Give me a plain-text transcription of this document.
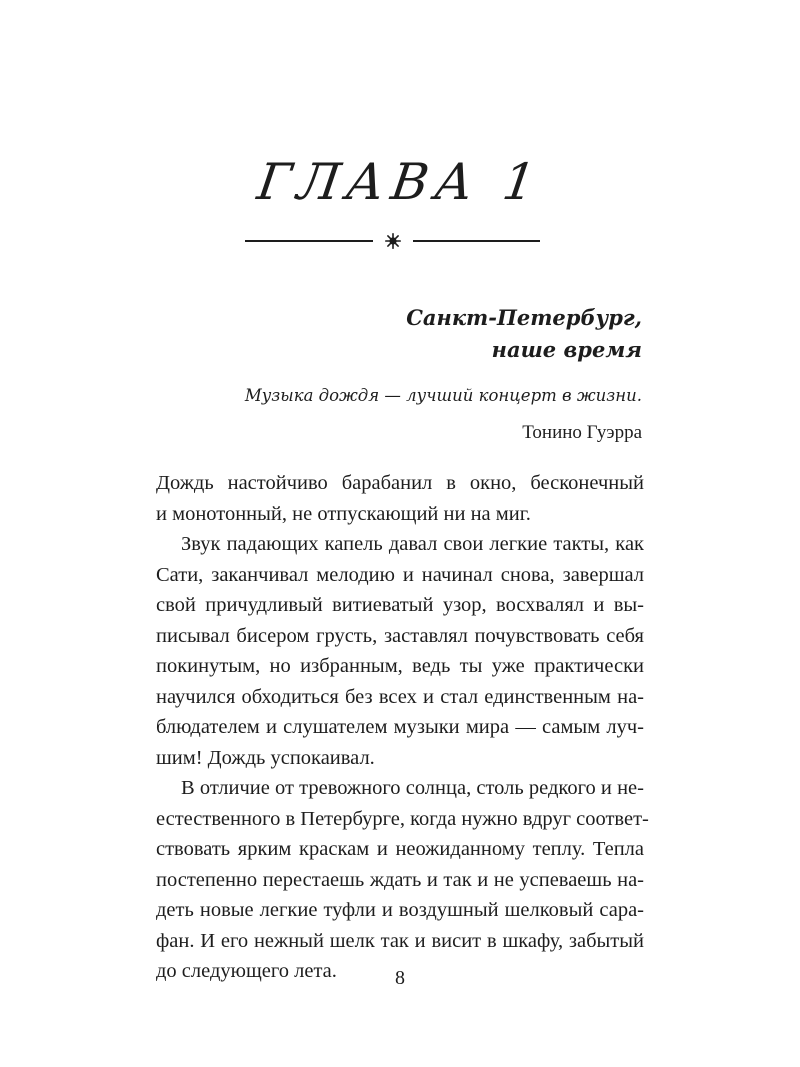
ГЛАВА 1
Санкт-Петербург,
наше время
Музыка дождя — лучший концерт в жизни.
Тонино Гуэрра
Дождь настойчиво барабанил в окно, бесконечный
и монотонный, не отпускающий ни на миг.
Звук падающих капель давал свои легкие такты, как
Сати, заканчивал мелодию и начинал снова, завершал
свой причудливый витиеватый узор, восхвалял и вы-
писывал бисером грусть, заставлял почувствовать себя
покинутым, но избранным, ведь ты уже практически
научился обходиться без всех и стал единственным на-
блюдателем и слушателем музыки мира — самым луч-
шим! Дождь успокаивал.
В отличие от тревожного солнца, столь редкого и не-
естественного в Петербурге, когда нужно вдруг соответ-
ствовать ярким краскам и неожиданному теплу. Тепла
постепенно перестаешь ждать и так и не успеваешь на-
деть новые легкие туфли и воздушный шелковый сара-
фан. И его нежный шелк так и висит в шкафу, забытый
до следующего лета.	8
